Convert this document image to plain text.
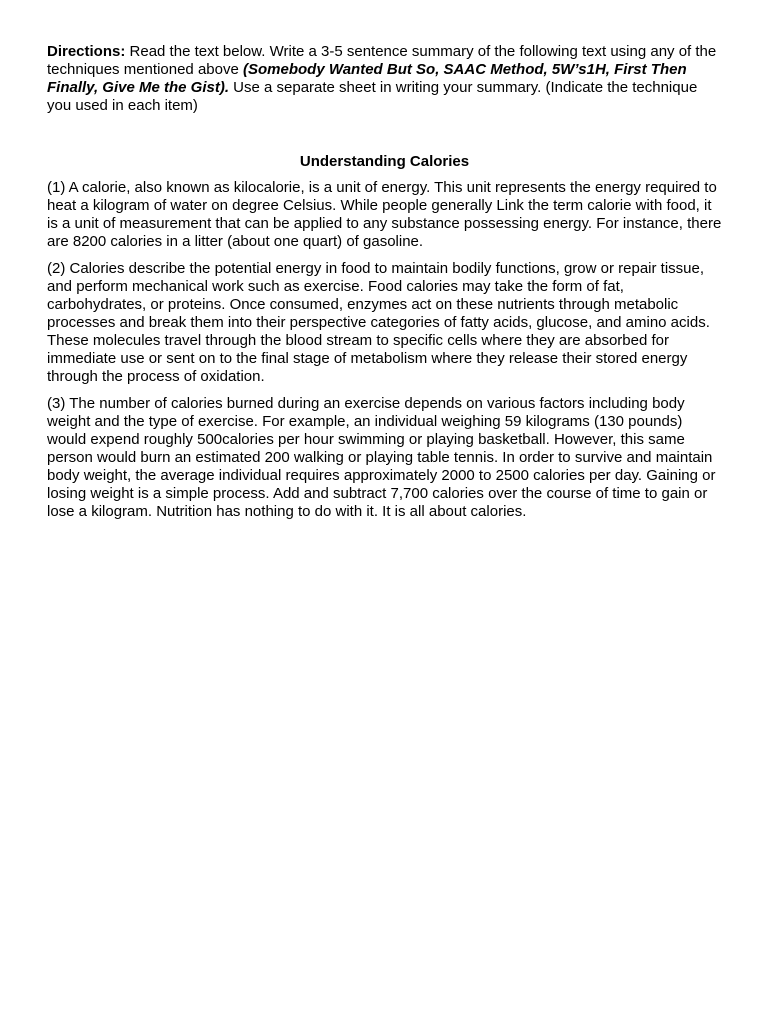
Directions: Read the text below. Write a 3-5 sentence summary of the following text using any of the techniques mentioned above (Somebody Wanted But So, SAAC Method, 5W’s1H, First Then Finally, Give Me the Gist). Use a separate sheet in writing your summary. (Indicate the technique you used in each item)

Understanding Calories

(1) A calorie, also known as kilocalorie, is a unit of energy. This unit represents the energy required to heat a kilogram of water on degree Celsius. While people generally Link the term calorie with food, it is a unit of measurement that can be applied to any substance possessing energy. For instance, there are 8200 calories in a litter (about one quart) of gasoline.

(2) Calories describe the potential energy in food to maintain bodily functions, grow or repair tissue, and perform mechanical work such as exercise. Food calories may take the form of fat, carbohydrates, or proteins. Once consumed, enzymes act on these nutrients through metabolic processes and break them into their perspective categories of fatty acids, glucose, and amino acids. These molecules travel through the blood stream to specific cells where they are absorbed for immediate use or sent on to the final stage of metabolism where they release their stored energy through the process of oxidation.

(3) The number of calories burned during an exercise depends on various factors including body weight and the type of exercise. For example, an individual weighing 59 kilograms (130 pounds) would expend roughly 500calories per hour swimming or playing basketball. However, this same person would burn an estimated 200 walking or playing table tennis. In order to survive and maintain body weight, the average individual requires approximately 2000 to 2500 calories per day. Gaining or losing weight is a simple process. Add and subtract 7,700 calories over the course of time to gain or lose a kilogram. Nutrition has nothing to do with it. It is all about calories.
